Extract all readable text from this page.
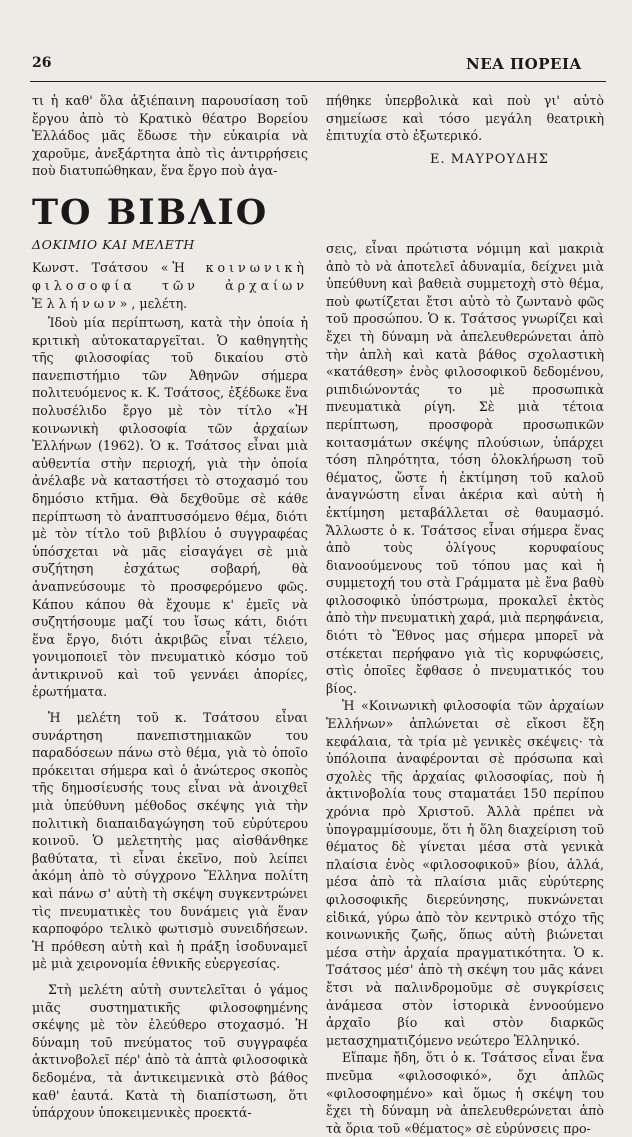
26	ΝΕΑ ΠΟΡΕΙΑ

τι ἡ καθ' ὅλα ἀξιέπαινη παρουσίαση τοῦ ἔργου ἀπὸ τὸ Κρατικὸ θέατρο Βορείου Ἑλλάδος μᾶς ἔδωσε τὴν εὐκαιρία νὰ χαροῦμε, ἀνεξάρτητα ἀπὸ τὶς ἀντιρρήσεις ποὺ διατυπώθηκαν, ἕνα ἔργο ποὺ ἀγα-

πήθηκε ὑπερβολικὰ καὶ ποὺ γι' αὐτὸ σημείωσε καὶ τόσο μεγάλη θεατρικὴ ἐπιτυχία στὸ ἐξωτερικό.

Ε. ΜΑΥΡΟΥΔΗΣ
ΤΟ ΒΙΒΛΙΟ
ΔΟΚΙΜΙΟ ΚΑΙ ΜΕΛΕΤΗ
Κωνστ. Τσάτσου «Ἡ κοινωνικὴ φιλοσοφία τῶν ἀρχαίων Ἑλλήνων», μελέτη.

Ἰδοὺ μία περίπτωση, κατὰ τὴν ὁποία ἡ κριτικὴ αὐτοκαταργεῖται. Ὁ καθηγητὴς τῆς φιλοσοφίας τοῦ δικαίου στὸ πανεπιστήμιο τῶν Ἀθηνῶν σήμερα πολιτευόμενος κ. Κ. Τσάτσος, ἐξέδωκε ἕνα πολυσέλιδο ἔργο μὲ τὸν τίτλο «Ἡ κοινωνικὴ φιλοσοφία τῶν ἀρχαίων Ἑλλήνων (1962). Ὁ κ. Τσάτσος εἶναι μιὰ αὐθεντία στὴν περιοχή, γιὰ τὴν ὁποία ἀνέλαβε νὰ καταστήσει τὸ στοχασμό του δημόσιο κτῆμα. Θὰ δεχθοῦμε σὲ κάθε περίπτωση τὸ ἀναπτυσσόμενο θέμα, διότι μὲ τὸν τίτλο τοῦ βιβλίου ὁ συγγραφέας ὑπόσχεται νὰ μᾶς εἰσαγάγει σὲ μιὰ συζήτηση ἐσχάτως σοβαρή, θὰ ἀναπνεύσουμε τὸ προσφερόμενο φῶς. Κάπου κάπου θὰ ἔχουμε κ' ἐμεῖς νὰ συζητήσουμε μαζί του ἴσως κάτι, διότι ἕνα ἔργο, διότι ἀκριβῶς εἶναι τέλειο, γονιμοποιεῖ τὸν πνευματικὸ κόσμο τοῦ ἀντικρινοῦ καὶ τοῦ γεννάει ἀπορίες, ἐρωτήματα.

Ἡ μελέτη τοῦ κ. Τσάτσου εἶναι συνάρτηση πανεπιστημιακῶν του παραδόσεων πάνω στὸ θέμα, γιὰ τὸ ὁποῖο πρόκειται σήμερα καὶ ὁ ἀνώτερος σκοπὸς τῆς δημοσίευσής τους εἶναι νὰ ἀνοιχθεῖ μιὰ ὑπεύθυνη μέθοδος σκέψης γιὰ τὴν πολιτικὴ διαπαιδαγώγηση τοῦ εὐρύτερου κοινοῦ. Ὁ μελετητὴς μας αἰσθάνθηκε βαθύτατα, τὶ εἶναι ἐκεῖνο, ποὺ λείπει ἀκόμη ἀπὸ τὸ σύγχρονο Ἕλληνα πολίτη καὶ πάνω σ' αὐτὴ τὴ σκέψη συγκεντρώνει τὶς πνευματικὲς του δυνάμεις γιὰ ἕναν καρποφόρο τελικὸ φωτισμὸ συνειδήσεων. Ἡ πρόθεση αὐτὴ καὶ ἡ πράξη ἰσοδυναμεῖ μὲ μιὰ χειρονομία ἐθνικῆς εὐεργεσίας.

Στὴ μελέτη αὐτὴ συντελεῖται ὁ γάμος μιᾶς συστηματικῆς φιλοσοφημένης σκέψης μὲ τὸν ἐλεύθερο στοχασμό. Ἡ δύναμη τοῦ πνεύματος τοῦ συγγραφέα ἀκτινοβολεῖ πέρ' ἀπὸ τὰ ἀπτὰ φιλοσοφικὰ δεδομένα, τὰ ἀντικειμενικὰ στὸ βάθος καθ' ἑαυτά. Κατὰ τὴ διαπίστωση, ὅτι ὑπάρχουν ὑποκειμενικὲς προεκτά-

σεις, εἶναι πρώτιστα νόμιμη καὶ μακριὰ ἀπὸ τὸ νὰ ἀποτελεῖ ἀδυναμία, δείχνει μιὰ ὑπεύθυνη καὶ βαθειὰ συμμετοχὴ στὸ θέμα, ποὺ φωτίζεται ἔτσι αὐτὸ τὸ ζωντανὸ φῶς τοῦ προσώπου. Ὁ κ. Τσάτσος γνωρίζει καὶ ἔχει τὴ δύναμη νὰ ἀπελευθερώνεται ἀπὸ τὴν ἁπλὴ καὶ κατὰ βάθος σχολαστικὴ «κατάθεση» ἑνὸς φιλοσοφικοῦ δεδομένου, ριπιδιώνοντάς το μὲ προσωπικὰ πνευματικὰ ρίγη. Σὲ μιὰ τέτοια περίπτωση, προσφορὰ προσωπικῶν κοιτασμάτων σκέψης πλούσιων, ὑπάρχει τόση πληρότητα, τόση ὁλοκλήρωση τοῦ θέματος, ὥστε ἡ ἐκτίμηση τοῦ καλοῦ ἀναγνώστη εἶναι ἀκέρια καὶ αὐτὴ ἡ ἐκτίμηση μεταβάλλεται σὲ θαυμασμό. Ἄλλωστε ὁ κ. Τσάτσος εἶναι σήμερα ἕνας ἀπὸ τοὺς ὀλίγους κορυφαίους διανοούμενους τοῦ τόπου μας καὶ ἡ συμμετοχή του στὰ Γράμματα μὲ ἕνα βαθὺ φιλοσοφικὸ ὑπόστρωμα, προκαλεῖ ἐκτὸς ἀπὸ τὴν πνευματικὴ χαρά, μιὰ περηφάνεια, διότι τὸ Ἔθνος μας σήμερα μπορεῖ νὰ στέκεται περήφανο γιὰ τὶς κορυφώσεις, στὶς ὁποῖες ἔφθασε ὁ πνευματικός του βίος.

Ἡ «Κοινωνικὴ φιλοσοφία τῶν ἀρχαίων Ἑλλήνων» ἁπλώνεται σὲ εἴκοσι ἕξη κεφάλαια, τὰ τρία μὲ γενικὲς σκέψεις· τὰ ὑπόλοιπα ἀναφέρονται σὲ πρόσωπα καὶ σχολὲς τῆς ἀρχαίας φιλοσοφίας, ποὺ ἡ ἀκτινοβολία τους σταματάει 150 περίπου χρόνια πρὸ Χριστοῦ. Ἀλλὰ πρέπει νὰ ὑπογραμμίσουμε, ὅτι ἡ ὅλη διαχείριση τοῦ θέματος δὲ γίνεται μέσα στὰ γενικὰ πλαίσια ἑνὸς «φιλοσοφικοῦ» βίου, ἀλλά, μέσα ἀπὸ τὰ πλαίσια μιᾶς εὐρύτερης φιλοσοφικῆς διερεύνησης, πυκνώνεται εἰδικά, γύρω ἀπὸ τὸν κεντρικὸ στόχο τῆς κοινωνικῆς ζωῆς, ὅπως αὐτὴ βιώνεται μέσα στὴν ἀρχαία πραγματικότητα. Ὁ κ. Τσάτσος μέσ' ἀπὸ τὴ σκέψη του μᾶς κάνει ἔτσι νὰ παλινδρομοῦμε σὲ συγκρίσεις ἀνάμεσα στὸν ἱστορικὰ ἐννοούμενο ἀρχαῖο βίο καὶ στὸν διαρκῶς μετασχηματιζόμενο νεώτερο Ἑλληνικό.

Εἴπαμε ἤδη, ὅτι ὁ κ. Τσάτσος εἶναι ἕνα πνεῦμα «φιλοσοφικό», ὄχι ἁπλῶς «φιλοσοφημένο» καὶ ὅμως ἡ σκέψη του ἔχει τὴ δύναμη νὰ ἀπελευθερώνεται ἀπὸ τὰ ὅρια τοῦ «θέματος» σὲ εὐρύνσεις προ-
